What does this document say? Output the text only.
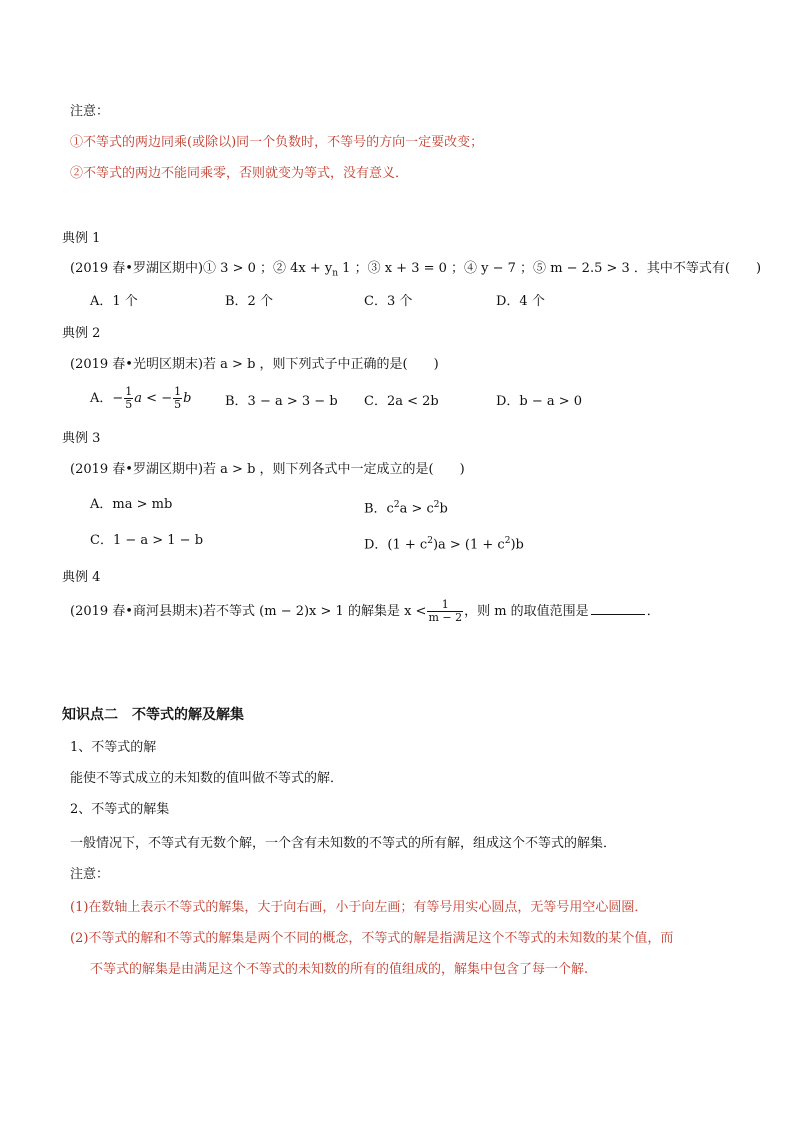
注意：
①不等式的两边同乘(或除以)同一个负数时，不等号的方向一定要改变；
②不等式的两边不能同乘零，否则就变为等式，没有意义．
典例 1
(2019 春•罗湖区期中)① 3 > 0 ；② $4x + y_n$ 1 ；③ x + 3 = 0 ；④ y − 7 ；⑤ m − 2.5 > 3 ．其中不等式有(　　)
A．1 个	B．2 个	C．3 个	D．4 个
典例 2
(2019 春•光明区期末)若 a > b ，则下列式子中正确的是(　　)
A．− $\frac{1}{5}$ a < − $\frac{1}{5}$ b	B．3 − a > 3 − b C．2a < 2b	D．b − a > 0
典例 3
(2019 春•罗湖区期中)若 a > b ，则下列各式中一定成立的是(　　)
A．ma > mb	B．$c^2a > c^2b$
C．1 − a > 1 − b	D．$(1 + c^2)a > (1 + c^2)b$
典例 4
(2019 春•商河县期末)若不等式 (m − 2)x > 1 的解集是 $x < \frac{1}{m - 2}$ ，则 m 的取值范围是	．
知识点二　不等式的解及解集
1、不等式的解
能使不等式成立的未知数的值叫做不等式的解．
2、不等式的解集
一般情况下，不等式有无数个解，一个含有未知数的不等式的所有解，组成这个不等式的解集．
注意：
(1)在数轴上表示不等式的解集，大于向右画，小于向左画；有等号用实心圆点，无等号用空心圆圈．
(2)不等式的解和不等式的解集是两个不同的概念，不等式的解是指满足这个不等式的未知数的某个值，而
不等式的解集是由满足这个不等式的未知数的所有的值组成的，解集中包含了每一个解.
